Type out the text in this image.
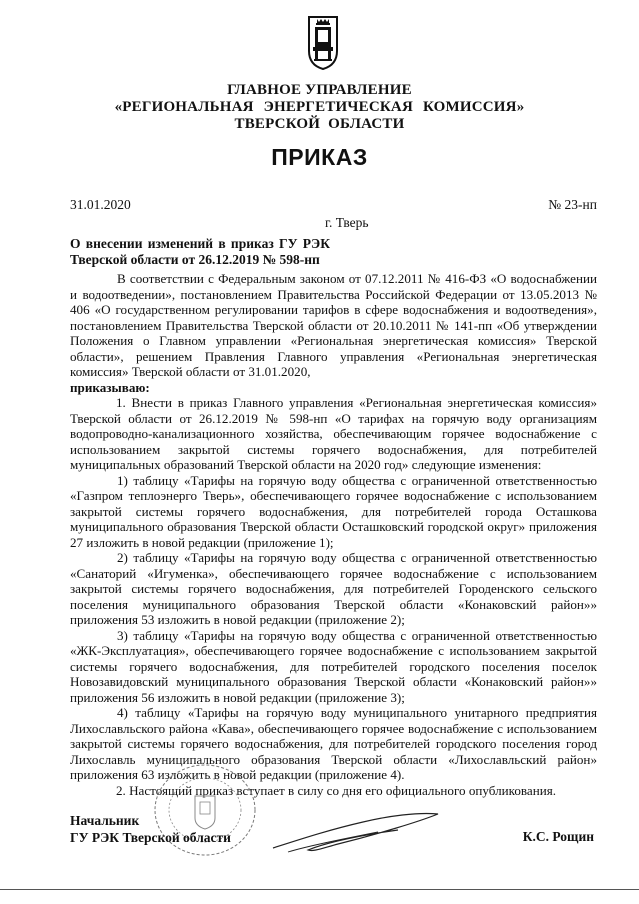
ГЛАВНОЕ УПРАВЛЕНИЕ
«РЕГИОНАЛЬНАЯ ЭНЕРГЕТИЧЕСКАЯ КОМИССИЯ»
ТВЕРСКОЙ ОБЛАСТИ
ПРИКАЗ
31.01.2020	№ 23-нп
г. Тверь
О внесении изменений в приказ ГУ РЭК Тверской области от 26.12.2019 № 598-нп

В соответствии с Федеральным законом от 07.12.2011 № 416-ФЗ «О водоснабжении и водоотведении», постановлением Правительства Российской Федерации от 13.05.2013 № 406 «О государственном регулировании тарифов в сфере водоснабжения и водоотведения», постановлением Правительства Тверской области от 20.10.2011 № 141-пп «Об утверждении Положения о Главном управлении «Региональная энергетическая комиссия» Тверской области», решением Правления Главного управления «Региональная энергетическая комиссия» Тверской области от 31.01.2020,

приказываю:

1. Внести в приказ Главного управления «Региональная энергетическая комиссия» Тверской области от 26.12.2019 № 598-нп «О тарифах на горячую воду организациям водопроводно-канализационного хозяйства, обеспечивающим горячее водоснабжение с использованием закрытой системы горячего водоснабжения, для потребителей муниципальных образований Тверской области на 2020 год» следующие изменения:

1) таблицу «Тарифы на горячую воду общества с ограниченной ответственностью «Газпром теплоэнерго Тверь», обеспечивающего горячее водоснабжение с использованием закрытой системы горячего водоснабжения, для потребителей города Осташкова муниципального образования Тверской области Осташковский городской округ» приложения 27 изложить в новой редакции (приложение 1);

2) таблицу «Тарифы на горячую воду общества с ограниченной ответственностью «Санаторий «Игуменка», обеспечивающего горячее водоснабжение с использованием закрытой системы горячего водоснабжения, для потребителей Городенского сельского поселения муниципального образования Тверской области «Конаковский район»» приложения 53 изложить в новой редакции (приложение 2);

3) таблицу «Тарифы на горячую воду общества с ограниченной ответственностью «ЖК-Эксплуатация», обеспечивающего горячее водоснабжение с использованием закрытой системы горячего водоснабжения, для потребителей городского поселения поселок Новозавидовский муниципального образования Тверской области «Конаковский район»» приложения 56 изложить в новой редакции (приложение 3);

4) таблицу «Тарифы на горячую воду муниципального унитарного предприятия Лихославльского района «Кава», обеспечивающего горячее водоснабжение с использованием закрытой системы горячего водоснабжения, для потребителей городского поселения город Лихославль муниципального образования Тверской области «Лихославльский район» приложения 63 изложить в новой редакции (приложение 4).

2. Настоящий приказ вступает в силу со дня его официального опубликования.

Начальник
ГУ РЭК Тверской области	К.С. Рощин
